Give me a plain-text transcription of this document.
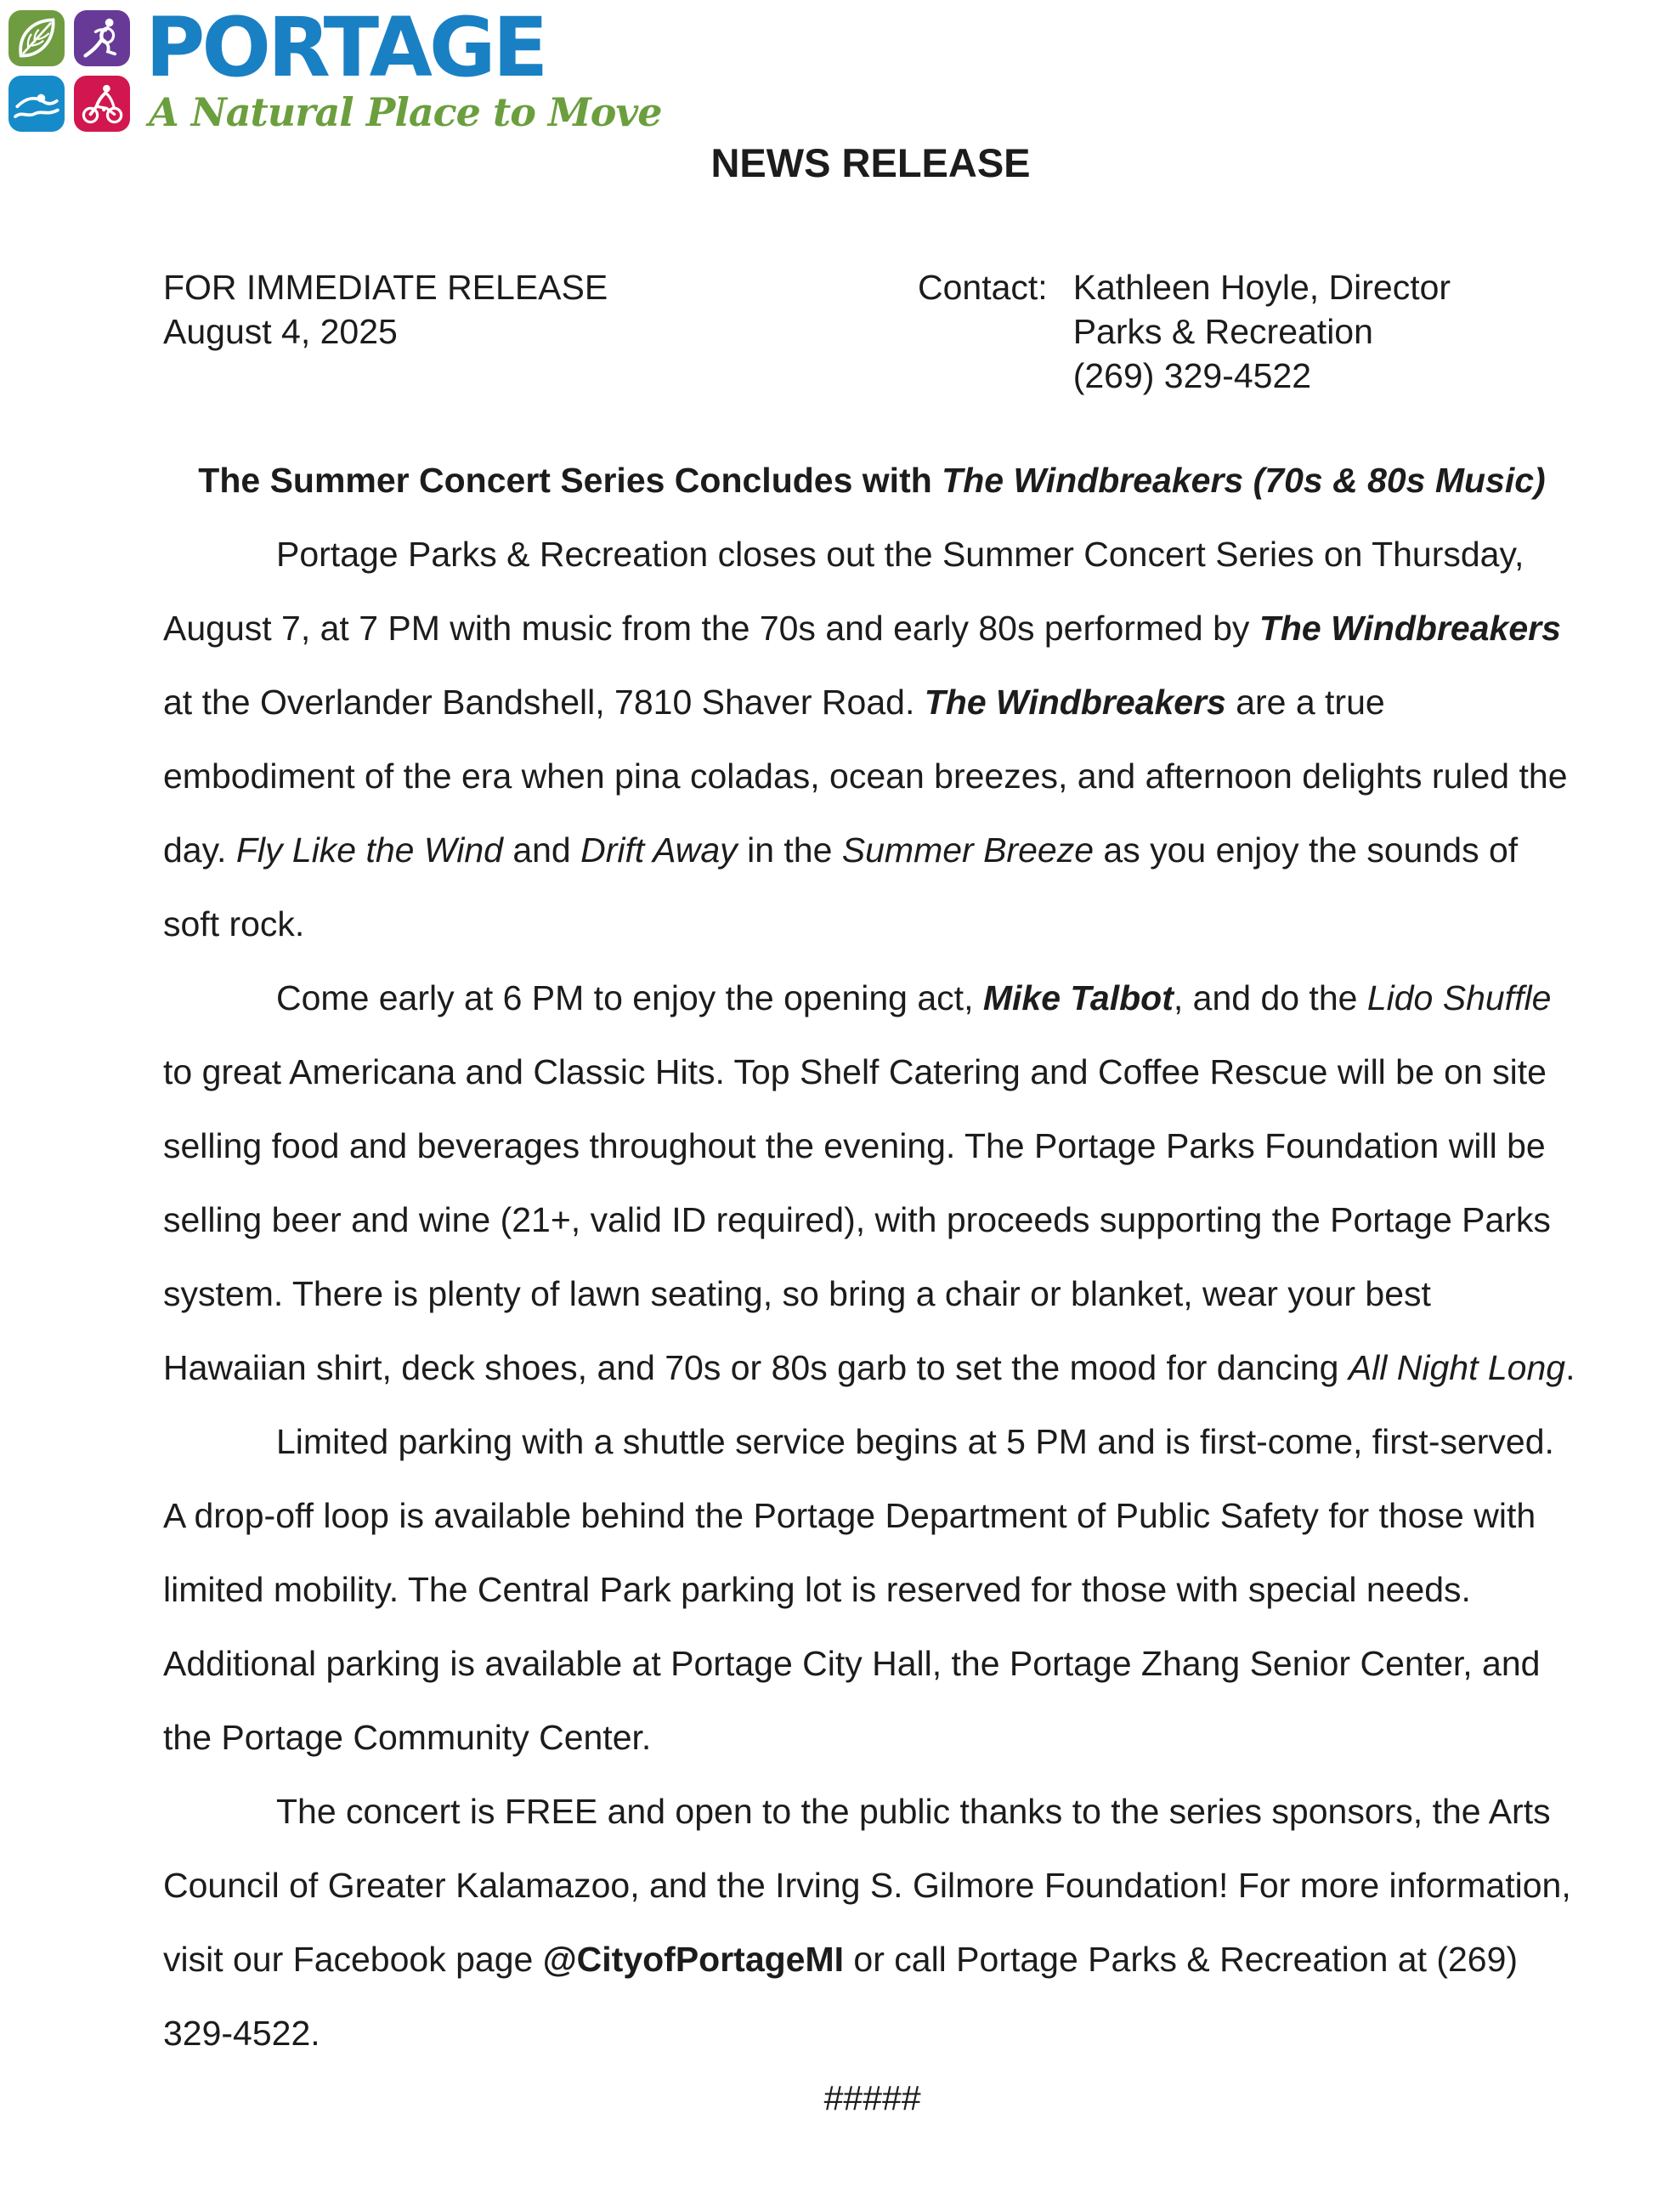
PORTAGE
A Natural Place to Move
NEWS RELEASE
FOR IMMEDIATE RELEASE
August 4, 2025
Contact: Kathleen Hoyle, Director
Parks & Recreation
(269) 329-4522

The Summer Concert Series Concludes with The Windbreakers (70s & 80s Music)

Portage Parks & Recreation closes out the Summer Concert Series on Thursday, August 7, at 7 PM with music from the 70s and early 80s performed by The Windbreakers at the Overlander Bandshell, 7810 Shaver Road. The Windbreakers are a true embodiment of the era when pina coladas, ocean breezes, and afternoon delights ruled the day. Fly Like the Wind and Drift Away in the Summer Breeze as you enjoy the sounds of soft rock.

Come early at 6 PM to enjoy the opening act, Mike Talbot, and do the Lido Shuffle to great Americana and Classic Hits. Top Shelf Catering and Coffee Rescue will be on site selling food and beverages throughout the evening. The Portage Parks Foundation will be selling beer and wine (21+, valid ID required), with proceeds supporting the Portage Parks system. There is plenty of lawn seating, so bring a chair or blanket, wear your best Hawaiian shirt, deck shoes, and 70s or 80s garb to set the mood for dancing All Night Long.

Limited parking with a shuttle service begins at 5 PM and is first-come, first-served. A drop-off loop is available behind the Portage Department of Public Safety for those with limited mobility. The Central Park parking lot is reserved for those with special needs. Additional parking is available at Portage City Hall, the Portage Zhang Senior Center, and the Portage Community Center.

The concert is FREE and open to the public thanks to the series sponsors, the Arts Council of Greater Kalamazoo, and the Irving S. Gilmore Foundation! For more information, visit our Facebook page @CityofPortageMI or call Portage Parks & Recreation at (269) 329-4522.

#####
